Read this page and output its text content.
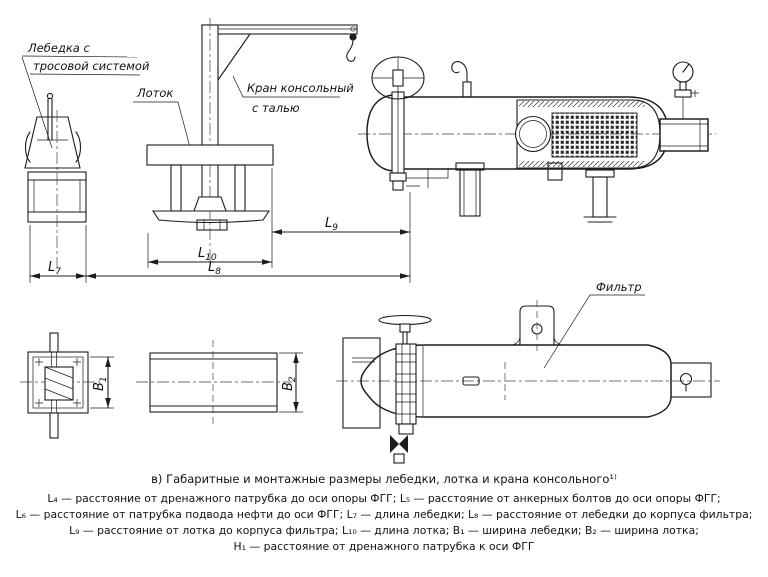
Лебедка с
тросовой системой
Лоток	Кран консольный
с талью
$L_9$
$L_{10}$
$L_7$	$L_8$
$B_1$
$B_2$
Фильтр
в) Габаритные и монтажные размеры лебедки, лотка и крана консольного¹⁾
L₄ — расстояние от дренажного патрубка до оси опоры ФГГ; L₅ — расстояние от анкерных болтов до оси опоры ФГГ;
L₆ — расстояние от патрубка подвода нефти до оси ФГГ; L₇ — длина лебедки; L₈ — расстояние от лебедки до корпуса фильтра;
L₉ — расстояние от лотка до корпуса фильтра; L₁₀ — длина лотка; B₁ — ширина лебедки; B₂ — ширина лотка;
H₁ — расстояние от дренажного патрубка к оси ФГГ
